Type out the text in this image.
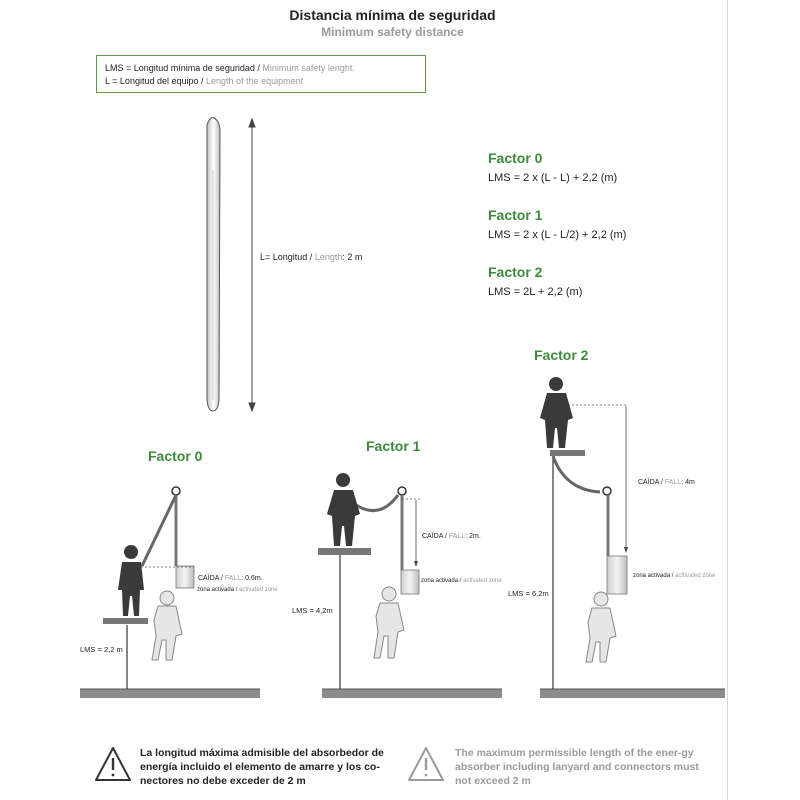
Distancia mínima de seguridad
Minimum safety distance
LMS = Longitud mínima de seguridad / Minimum safety lenght.
L = Longitud del equipo / Length of the equipment
L= Longitud / Length: 2 m
Factor 0
LMS = 2 x (L - L) + 2,2 (m)
Factor 1
LMS = 2 x (L - L/2) + 2,2 (m)
Factor 2
LMS = 2L + 2,2 (m)
Factor 0
Factor 1
Factor 2
CAÍDA / FALL: 0.6m.
zona activada / activated zone
LMS = 2,2 m
CAÍDA / FALL: 2m.
zona activada / activated zone
LMS = 4,2m
CAÍDA / FALL: 4m
zona activada / acftivated zone
LMS = 6,2m
La longitud máxima admisible del absorbedor de energía incluido el elemento de amarre y los co-nectores no debe exceder de 2 m
The maximum permissible length of the ener-gy absorber including lanyard and connectors must not exceed 2 m
